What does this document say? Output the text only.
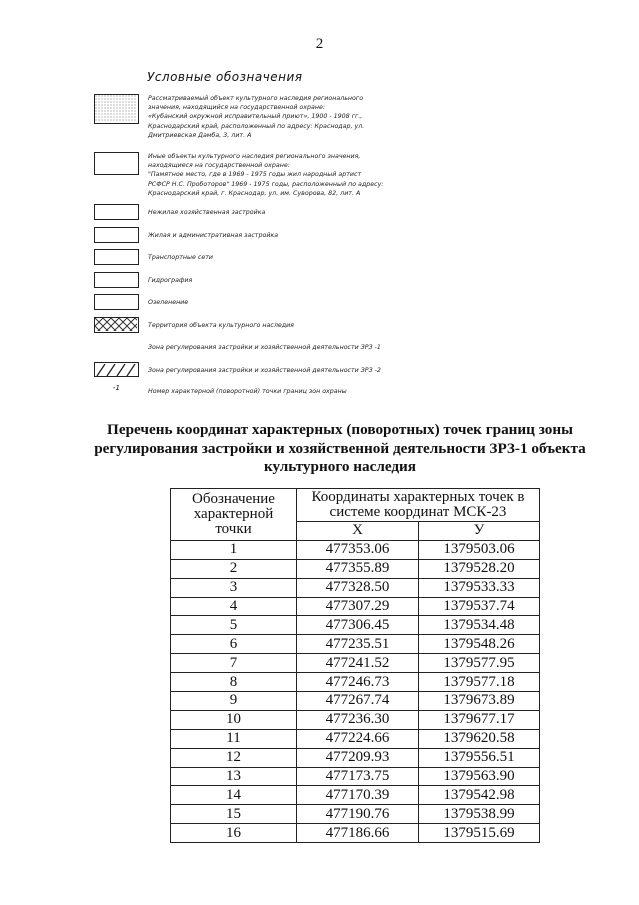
2
Условные обозначения
Рассматриваемый объект культурного наследия регионального
значения, находящийся на государственной охране:
«Кубанский окружной исправительный приют», 1900 - 1908 гг.,
Краснодарский край, расположенный по адресу: Краснодар, ул.
Дмитриевская Дамба, 3, лит. А
Иные объекты культурного наследия регионального значения,
находящиеся на государственной охране:
"Памятное место, где в 1969 - 1975 годы жил народный артист
РСФСР Н.С. Проботоров" 1969 - 1975 годы, расположенный по адресу:
Краснодарский край, г. Краснодар, ул. им. Суворова, 82, лит. А
Нежилая хозяйственная застройка
Жилая и административная застройка
Транспортные сети
Гидрография
Озеленение
Территория объекта культурного наследия
Зона регулирования застройки и хозяйственной деятельности ЗРЗ -1
Зона регулирования застройки и хозяйственной деятельности ЗРЗ -2
-1	Номер характерной (поворотной) точки границ зон охраны
Перечень координат характерных (поворотных) точек границ зоны регулирования застройки и хозяйственной деятельности ЗРЗ-1 объекта культурного наследия
Обозначение характерной точки	Координаты характерных точек в системе координат МСК-23	
	X	У
1	477353.06	1379503.06
2	477355.89	1379528.20
3	477328.50	1379533.33
4	477307.29	1379537.74
5	477306.45	1379534.48
6	477235.51	1379548.26
7	477241.52	1379577.95
8	477246.73	1379577.18
9	477267.74	1379673.89
10	477236.30	1379677.17
11	477224.66	1379620.58
12	477209.93	1379556.51
13	477173.75	1379563.90
14	477170.39	1379542.98
15	477190.76	1379538.99
16	477186.66	1379515.69
